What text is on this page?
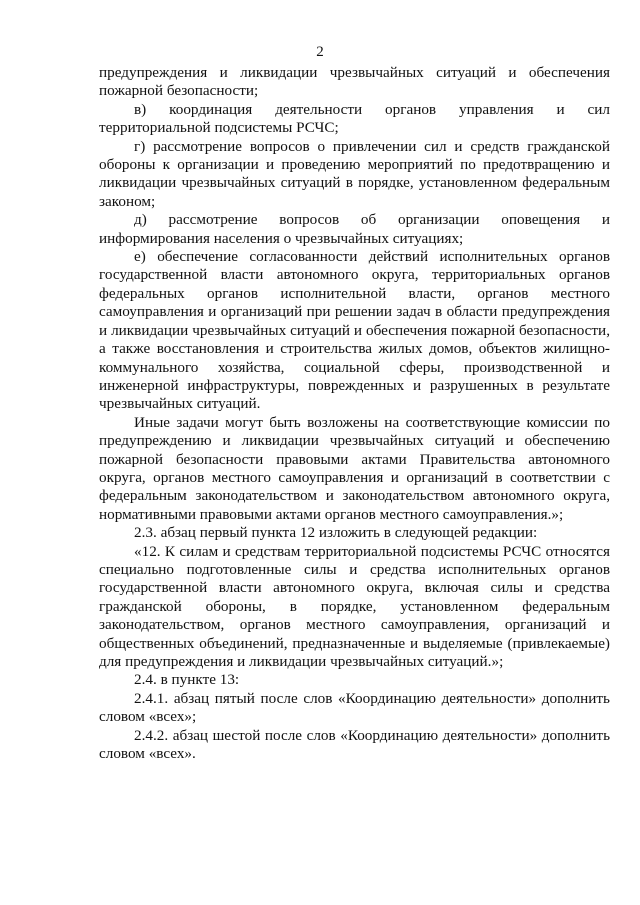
2

предупреждения и ликвидации чрезвычайных ситуаций и обеспечения пожарной безопасности;

в) координация деятельности органов управления и сил территориальной подсистемы РСЧС;

г) рассмотрение вопросов о привлечении сил и средств гражданской обороны к организации и проведению мероприятий по предотвращению и ликвидации чрезвычайных ситуаций в порядке, установленном федеральным законом;

д) рассмотрение вопросов об организации оповещения и информирования населения о чрезвычайных ситуациях;

е) обеспечение согласованности действий исполнительных органов государственной власти автономного округа, территориальных органов федеральных органов исполнительной власти, органов местного самоуправления и организаций при решении задач в области предупреждения и ликвидации чрезвычайных ситуаций и обеспечения пожарной безопасности, а также восстановления и строительства жилых домов, объектов жилищно-коммунального хозяйства, социальной сферы, производственной и инженерной инфраструктуры, поврежденных и разрушенных в результате чрезвычайных ситуаций.

Иные задачи могут быть возложены на соответствующие комиссии по предупреждению и ликвидации чрезвычайных ситуаций и обеспечению пожарной безопасности правовыми актами Правительства автономного округа, органов местного самоуправления и организаций в соответствии с федеральным законодательством и законодательством автономного округа, нормативными правовыми актами органов местного самоуправления.»;

2.3. абзац первый пункта 12 изложить в следующей редакции:

«12. К силам и средствам территориальной подсистемы РСЧС относятся специально подготовленные силы и средства исполнительных органов государственной власти автономного округа, включая силы и средства гражданской обороны, в порядке, установленном федеральным законодательством, органов местного самоуправления, организаций и общественных объединений, предназначенные и выделяемые (привлекаемые) для предупреждения и ликвидации чрезвычайных ситуаций.»;

2.4. в пункте 13:

2.4.1. абзац пятый после слов «Координацию деятельности» дополнить словом «всех»;

2.4.2. абзац шестой после слов «Координацию деятельности» дополнить словом «всех».
